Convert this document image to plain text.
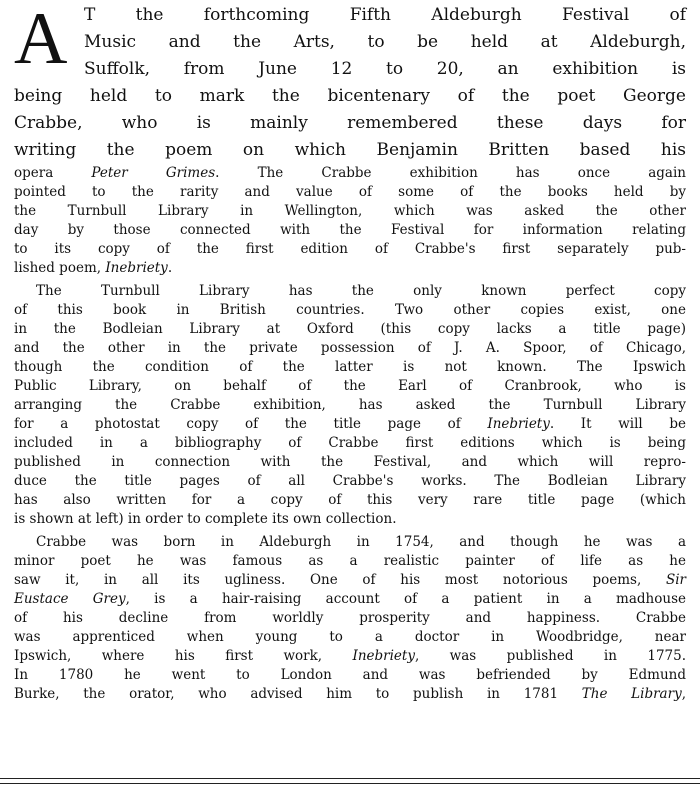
A T the forthcoming Fifth Aldeburgh Festival of
Music and the Arts, to be held at Aldeburgh,
Suffolk, from June 12 to 20, an exhibition is
being held to mark the bicentenary of the poet George
Crabbe, who is mainly remembered these days for
writing the poem on which Benjamin Britten based his
opera Peter Grimes. The Crabbe exhibition has once again
pointed to the rarity and value of some of the books held by
the Turnbull Library in Wellington, which was asked the other
day by those connected with the Festival for information relating
to its copy of the first edition of Crabbe's first separately pub-
lished poem, Inebriety.
The Turnbull Library has the only known perfect copy
of this book in British countries. Two other copies exist, one
in the Bodleian Library at Oxford (this copy lacks a title page)
and the other in the private possession of J. A. Spoor, of Chicago,
though the condition of the latter is not known. The Ipswich
Public Library, on behalf of the Earl of Cranbrook, who is
arranging the Crabbe exhibition, has asked the Turnbull Library
for a photostat copy of the title page of Inebriety. It will be
included in a bibliography of Crabbe first editions which is being
published in connection with the Festival, and which will repro-
duce the title pages of all Crabbe's works. The Bodleian Library
has also written for a copy of this very rare title page (which
is shown at left) in order to complete its own collection.
Crabbe was born in Aldeburgh in 1754, and though he was a
minor poet he was famous as a realistic painter of life as he
saw it, in all its ugliness. One of his most notorious poems, Sir
Eustace Grey, is a hair-raising account of a patient in a madhouse
of his decline from worldly prosperity and happiness. Crabbe
was apprenticed when young to a doctor in Woodbridge, near
Ipswich, where his first work, Inebriety, was published in 1775.
In 1780 he went to London and was befriended by Edmund
Burke, the orator, who advised him to publish in 1781 The Library,
